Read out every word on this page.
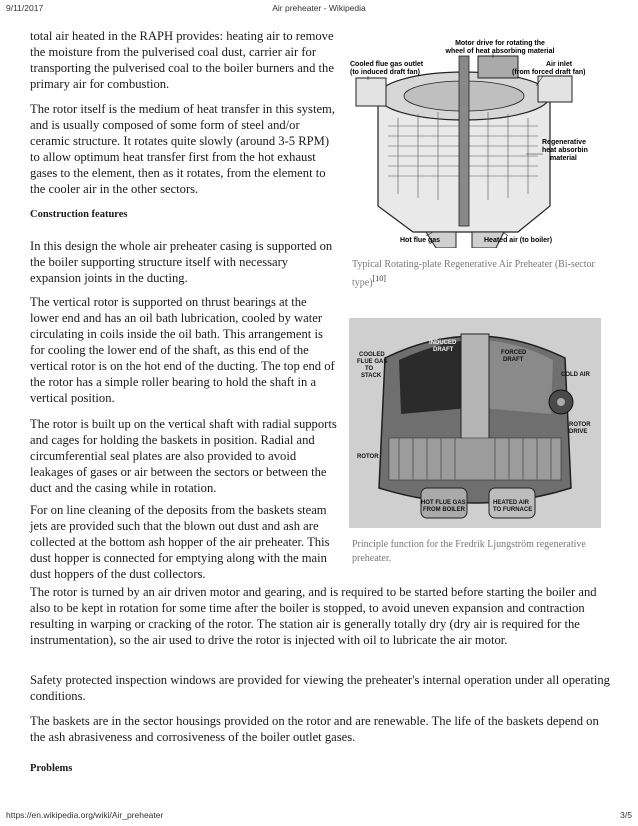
9/11/2017	Air preheater - Wikipedia

total air heated in the RAPH provides: heating air to remove the moisture from the pulverised coal dust, carrier air for transporting the pulverised coal to the boiler burners and the primary air for combustion.

The rotor itself is the medium of heat transfer in this system, and is usually composed of some form of steel and/or ceramic structure. It rotates quite slowly (around 3-5 RPM) to allow optimum heat transfer first from the hot exhaust gases to the element, then as it rotates, from the element to the cooler air in the other sectors.

Construction features

In this design the whole air preheater casing is supported on the boiler supporting structure itself with necessary expansion joints in the ducting.

The vertical rotor is supported on thrust bearings at the lower end and has an oil bath lubrication, cooled by water circulating in coils inside the oil bath. This arrangement is for cooling the lower end of the shaft, as this end of the vertical rotor is on the hot end of the ducting. The top end of the rotor has a simple roller bearing to hold the shaft in a vertical position.

The rotor is built up on the vertical shaft with radial supports and cages for holding the baskets in position. Radial and circumferential seal plates are also provided to avoid leakages of gases or air between the sectors or between the duct and the casing while in rotation.

For on line cleaning of the deposits from the baskets steam jets are provided such that the blown out dust and ash are collected at the bottom ash hopper of the air preheater. This dust hopper is connected for emptying along with the main dust hoppers of the dust collectors.

The rotor is turned by an air driven motor and gearing, and is required to be started before starting the boiler and also to be kept in rotation for some time after the boiler is stopped, to avoid uneven expansion and contraction resulting in warping or cracking of the rotor. The station air is generally totally dry (dry air is required for the instrumentation), so the air used to drive the rotor is injected with oil to lubricate the air motor.

Safety protected inspection windows are provided for viewing the preheater's internal operation under all operating conditions.

The baskets are in the sector housings provided on the rotor and are renewable. The life of the baskets depend on the ash abrasiveness and corrosiveness of the boiler outlet gases.

Problems

Motor drive for rotating the
wheel of heat absorbing material
Cooled flue gas outlet
(to induced draft fan)
Air inlet
(from forced draft fan)
Regenerative
heat absorbing
material
Hot flue gas	Heated air (to boiler)
Typical Rotating-plate Regenerative Air Preheater (Bi-sector type)[10]
COOLED
FLUE GAS
TO
STACK
INDUCED
DRAFT	FORCED
DRAFT
COLD AIR
ROTOR
DRIVE
ROTOR
HOT FLUE GAS
FROM BOILER
HEATED AIR
TO FURNACE
Principle function for the Fredrik Ljungström regenerative preheater.
https://en.wikipedia.org/wiki/Air_preheater	3/5
